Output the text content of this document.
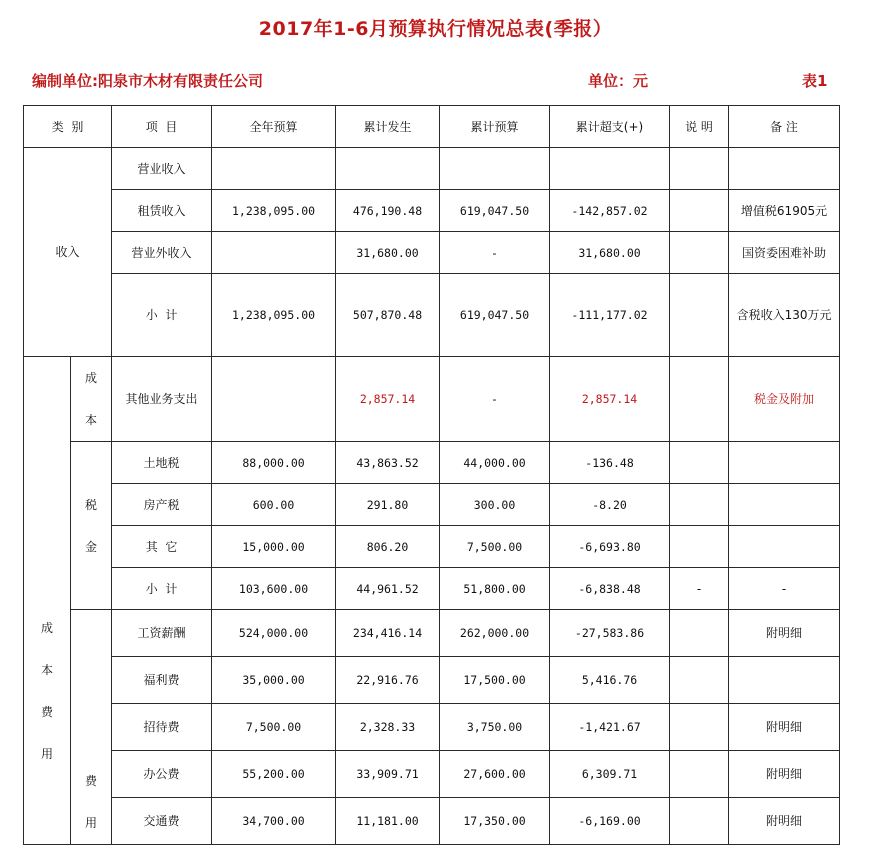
2017年1-6月预算执行情况总表(季报）
编制单位:阳泉市木材有限责任公司	单位：元	表1
类  别		项  目	全年预算	累计发生	累计预算	累计超支(+)	说 明	备 注
收入		营业收入						
		租赁收入	1,238,095.00	476,190.48	619,047.50	-142,857.02		增值税61905元
		营业外收入		31,680.00	-	31,680.00		国资委困难补助
		小  计	1,238,095.00	507,870.48	619,047.50	-111,177.02		含税收入130万元
成本费用	成本	其他业务支出		2,857.14	-	2,857.14		税金及附加
	税金	土地税	88,000.00	43,863.52	44,000.00	-136.48		
		房产税	600.00	291.80	300.00	-8.20		
		其  它	15,000.00	806.20	7,500.00	-6,693.80		
		小  计	103,600.00	44,961.52	51,800.00	-6,838.48	-	-
	费用	工资薪酬	524,000.00	234,416.14	262,000.00	-27,583.86		附明细
		福利费	35,000.00	22,916.76	17,500.00	5,416.76		
		招待费	7,500.00	2,328.33	3,750.00	-1,421.67		附明细
		办公费	55,200.00	33,909.71	27,600.00	6,309.71		附明细
		交通费	34,700.00	11,181.00	17,350.00	-6,169.00		附明细
